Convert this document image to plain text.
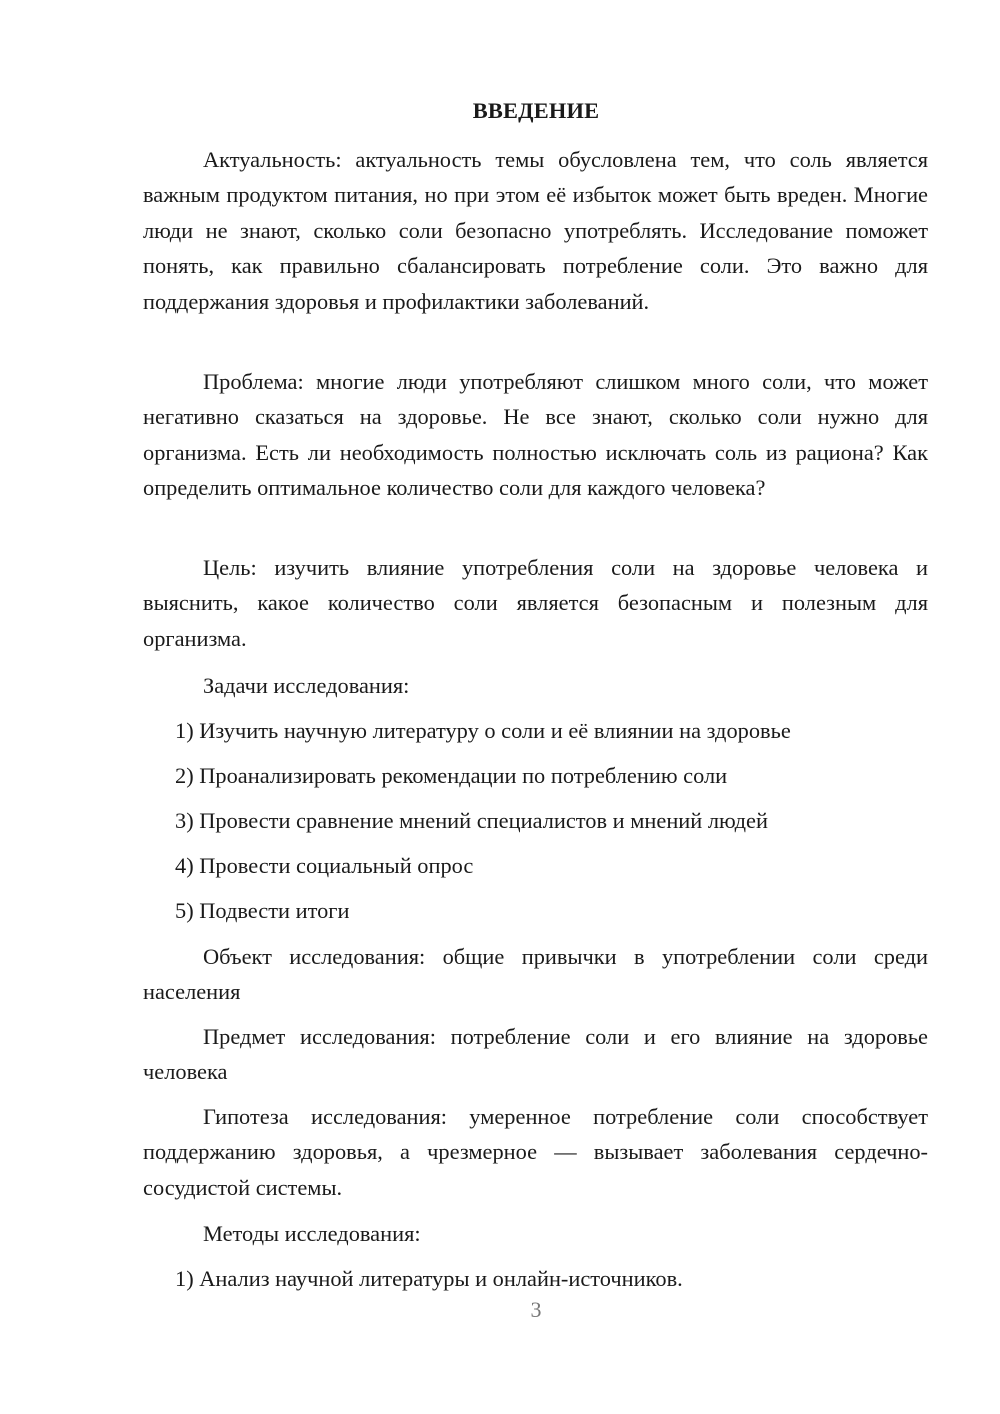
ВВЕДЕНИЕ

Актуальность: актуальность темы обусловлена тем, что соль является важным продуктом питания, но при этом её избыток может быть вреден. Многие люди не знают, сколько соли безопасно употреблять. Исследование поможет понять, как правильно сбалансировать потребление соли. Это важно для поддержания здоровья и профилактики заболеваний.

Проблема: многие люди употребляют слишком много соли, что может негативно сказаться на здоровье. Не все знают, сколько соли нужно для организма. Есть ли необходимость полностью исключать соль из рациона? Как определить оптимальное количество соли для каждого человека?

Цель: изучить влияние употребления соли на здоровье человека и выяснить, какое количество соли является безопасным и полезным для организма.

Задачи исследования:

1) Изучить научную литературу о соли и её влиянии на здоровье

2) Проанализировать рекомендации по потреблению соли

3) Провести сравнение мнений специалистов и мнений людей

4) Провести социальный опрос

5) Подвести итоги

Объект исследования: общие привычки в употреблении соли среди населения

Предмет исследования: потребление соли и его влияние на здоровье человека

Гипотеза исследования: умеренное потребление соли способствует поддержанию здоровья, а чрезмерное — вызывает заболевания сердечно-сосудистой системы.

Методы исследования:

1) Анализ научной литературы и онлайн-источников.

3
